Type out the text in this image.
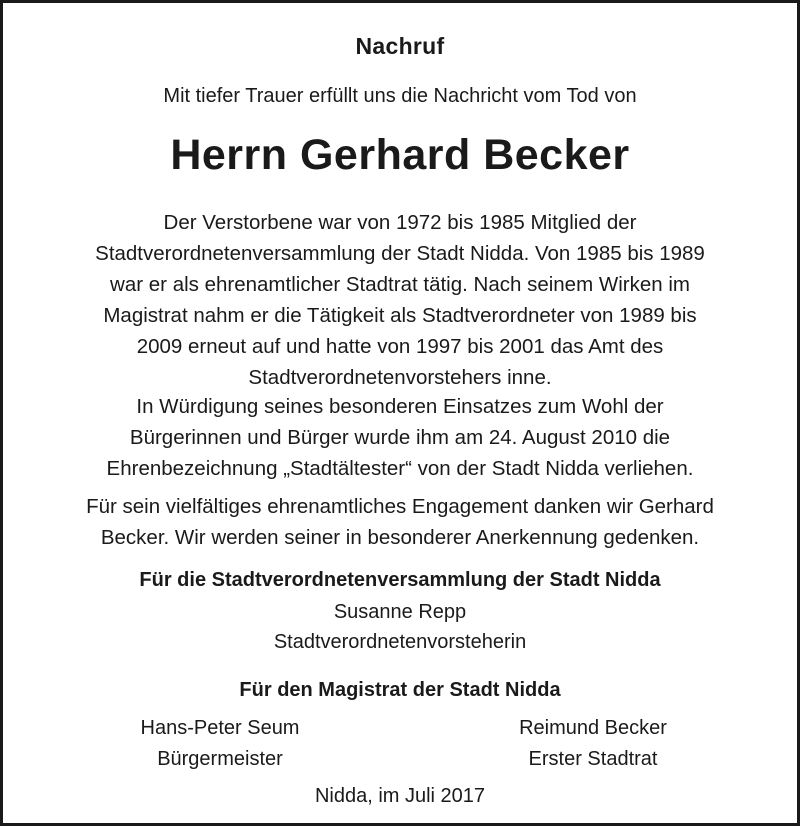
Nachruf
Mit tiefer Trauer erfüllt uns die Nachricht vom Tod von
Herrn Gerhard Becker
Der Verstorbene war von 1972 bis 1985 Mitglied der
Stadtverordnetenversammlung der Stadt Nidda. Von 1985 bis 1989
war er als ehrenamtlicher Stadtrat tätig. Nach seinem Wirken im
Magistrat nahm er die Tätigkeit als Stadtverordneter von 1989 bis
2009 erneut auf und hatte von 1997 bis 2001 das Amt des
Stadtverordnetenvorstehers inne.
In Würdigung seines besonderen Einsatzes zum Wohl der
Bürgerinnen und Bürger wurde ihm am 24. August 2010 die
Ehrenbezeichnung „Stadtältester“ von der Stadt Nidda verliehen.
Für sein vielfältiges ehrenamtliches Engagement danken wir Gerhard
Becker. Wir werden seiner in besonderer Anerkennung gedenken.
Für die Stadtverordnetenversammlung der Stadt Nidda
Susanne Repp
Stadtverordnetenvorsteherin
Für den Magistrat der Stadt Nidda
Hans-Peter Seum
Bürgermeister
Reimund Becker
Erster Stadtrat
Nidda, im Juli 2017
